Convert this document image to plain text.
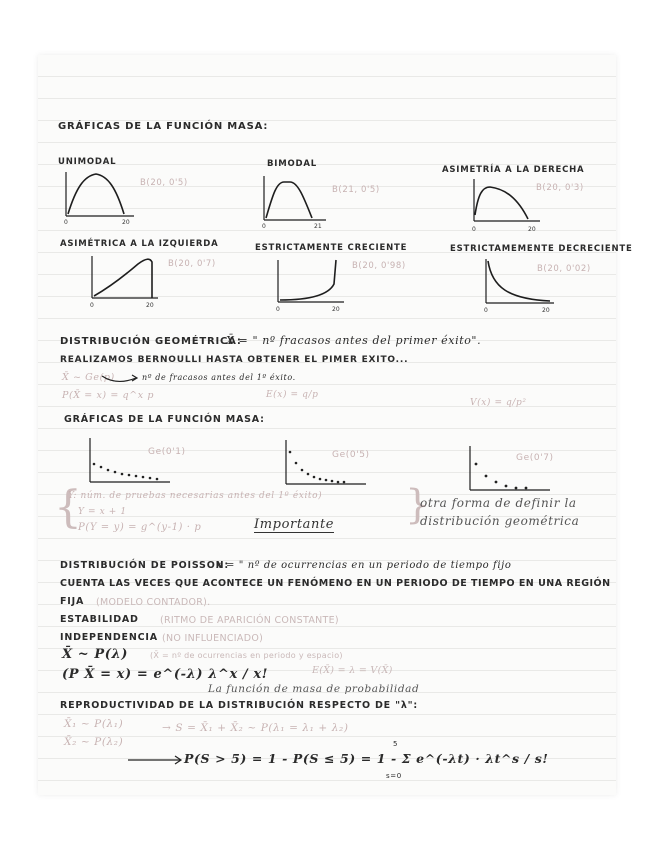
GRÁFICAS DE LA FUNCIÓN MASA:
UNIMODAL
0	20
B(20, 0'5)
BIMODAL
0	21
B(21, 0'5)
ASIMETRÍA A LA DERECHA
0	20
B(20, 0'3)
ASIMÉTRICA A LA IZQUIERDA
0	20
B(20, 0'7)
ESTRICTAMENTE CRECIENTE
0	20
B(20, 0'98)
ESTRICTAMEMENTE DECRECIENTE
0	20
B(20, 0'02)
DISTRIBUCIÓN GEOMÉTRICA:
X̄ = " nº fracasos antes del primer éxito".
REALIZAMOS BERNOULLI HASTA OBTENER EL PIMER EXITO...
X̄ ~ Ge(p)	nº de fracasos antes del 1º éxito.
P(X̄ = x) = q^x p	E(x) = q/p
V(x) = q/p²
GRÁFICAS DE LA FUNCIÓN MASA:
Ge(0'1)	Ge(0'5)	Ge(0'7)
{
Y: núm. de pruebas necesarias antes del 1º éxito)
Y = x + 1
P(Y = y) = g^(y-1) · p	Importante }
otra forma de definir la
distribución geométrica
DISTRIBUCIÓN DE POISSON:
x = " nº de ocurrencias en un periodo de tiempo fijo
CUENTA LAS VECES QUE ACONTECE UN FENÓMENO EN UN PERIODO DE TIEMPO EN UNA REGIÓN
FIJA (MODELO CONTADOR).
ESTABILIDAD (RITMO DE APARICIÓN CONSTANTE)
INDEPENDENCIA (NO INFLUENCIADO)
X̄ ~ P(λ)	(X̄ = nº de ocurrencias en periodo y espacio)
(P X̄ = x) = e^(-λ) λ^x / x!
La función de masa de probabilidad
E(X̄) = λ = V(X̄)
REPRODUCTIVIDAD DE LA DISTRIBUCIÓN RESPECTO DE "λ":
X̄₁ ~ P(λ₁)
X̄₂ ~ P(λ₂)
→ S = X̄₁ + X̄₂ ~ P(λ₁ = λ₁ + λ₂)
P(S > 5) = 1 - P(S ≤ 5) = 1 - Σ e^(-λt) · λt^s / s!
5
s=0
